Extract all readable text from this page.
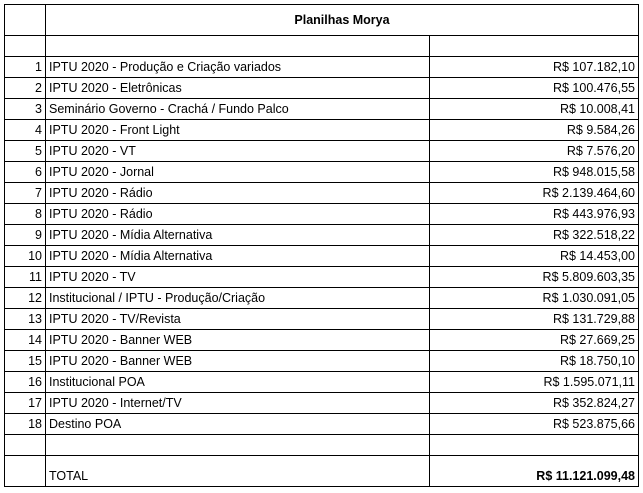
	Planilhas Morya	

1	IPTU 2020 - Produção e Criação variados	R$ 107.182,10
2	IPTU 2020 - Eletrônicas	R$ 100.476,55
3	Seminário Governo - Crachá / Fundo Palco	R$ 10.008,41
4	IPTU 2020 - Front Light	R$ 9.584,26
5	IPTU 2020 - VT	R$ 7.576,20
6	IPTU 2020 - Jornal	R$ 948.015,58
7	IPTU 2020 - Rádio	R$ 2.139.464,60
8	IPTU 2020 - Rádio	R$ 443.976,93
9	IPTU 2020 - Mídia Alternativa	R$ 322.518,22
10	IPTU 2020 - Mídia Alternativa	R$ 14.453,00
11	IPTU 2020 - TV	R$ 5.809.603,35
12	Institucional / IPTU - Produção/Criação	R$ 1.030.091,05
13	IPTU 2020 - TV/Revista	R$ 131.729,88
14	IPTU 2020 - Banner WEB	R$ 27.669,25
15	IPTU 2020 - Banner WEB	R$ 18.750,10
16	Institucional POA	R$ 1.595.071,11
17	IPTU 2020 - Internet/TV	R$ 352.824,27
18	Destino POA	R$ 523.875,66

	TOTAL	R$ 11.121.099,48
